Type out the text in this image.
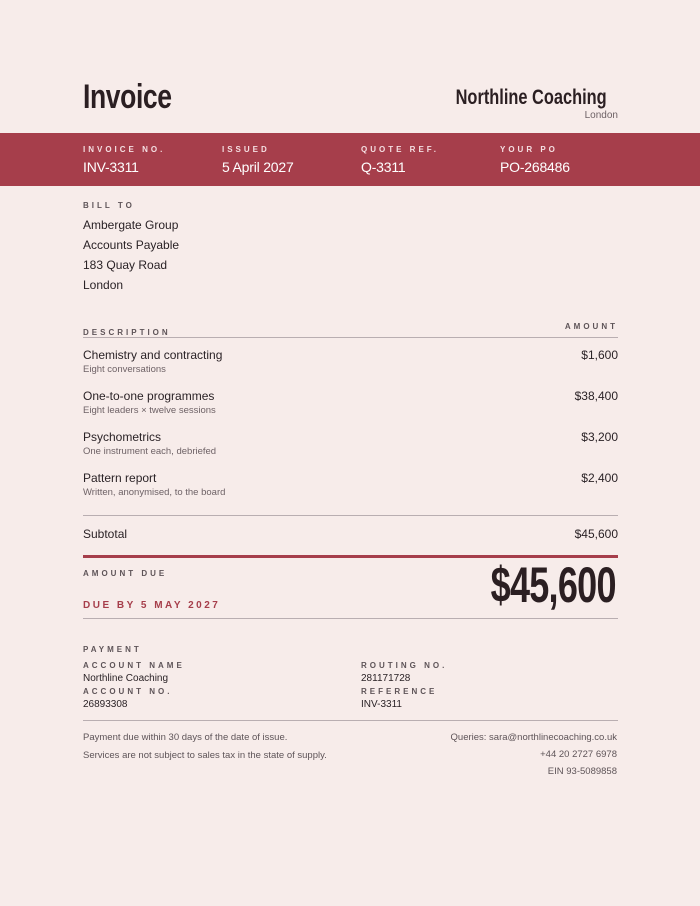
Invoice	Northline Coaching
London
INVOICE NO.
INV-3311
ISSUED
5 April 2027
QUOTE REF.
Q-3311
YOUR PO
PO-268486
BILL TO
Ambergate Group
Accounts Payable
183 Quay Road
London
DESCRIPTION
AMOUNT
Chemistry and contracting
Eight conversations
$1,600
One-to-one programmes
Eight leaders × twelve sessions
$38,400
Psychometrics
One instrument each, debriefed
$3,200
Pattern report
Written, anonymised, to the board
$2,400
Subtotal	$45,600
AMOUNT DUE
DUE BY 5 MAY 2027	$45,600
PAYMENT
ACCOUNT NAME
Northline Coaching
ACCOUNT NO.
26893308
ROUTING NO.
281171728
REFERENCE
INV-3311
Payment due within 30 days of the date of issue.
Services are not subject to sales tax in the state of supply.
Queries: sara@northlinecoaching.co.uk
+44 20 2727 6978
EIN 93-5089858
